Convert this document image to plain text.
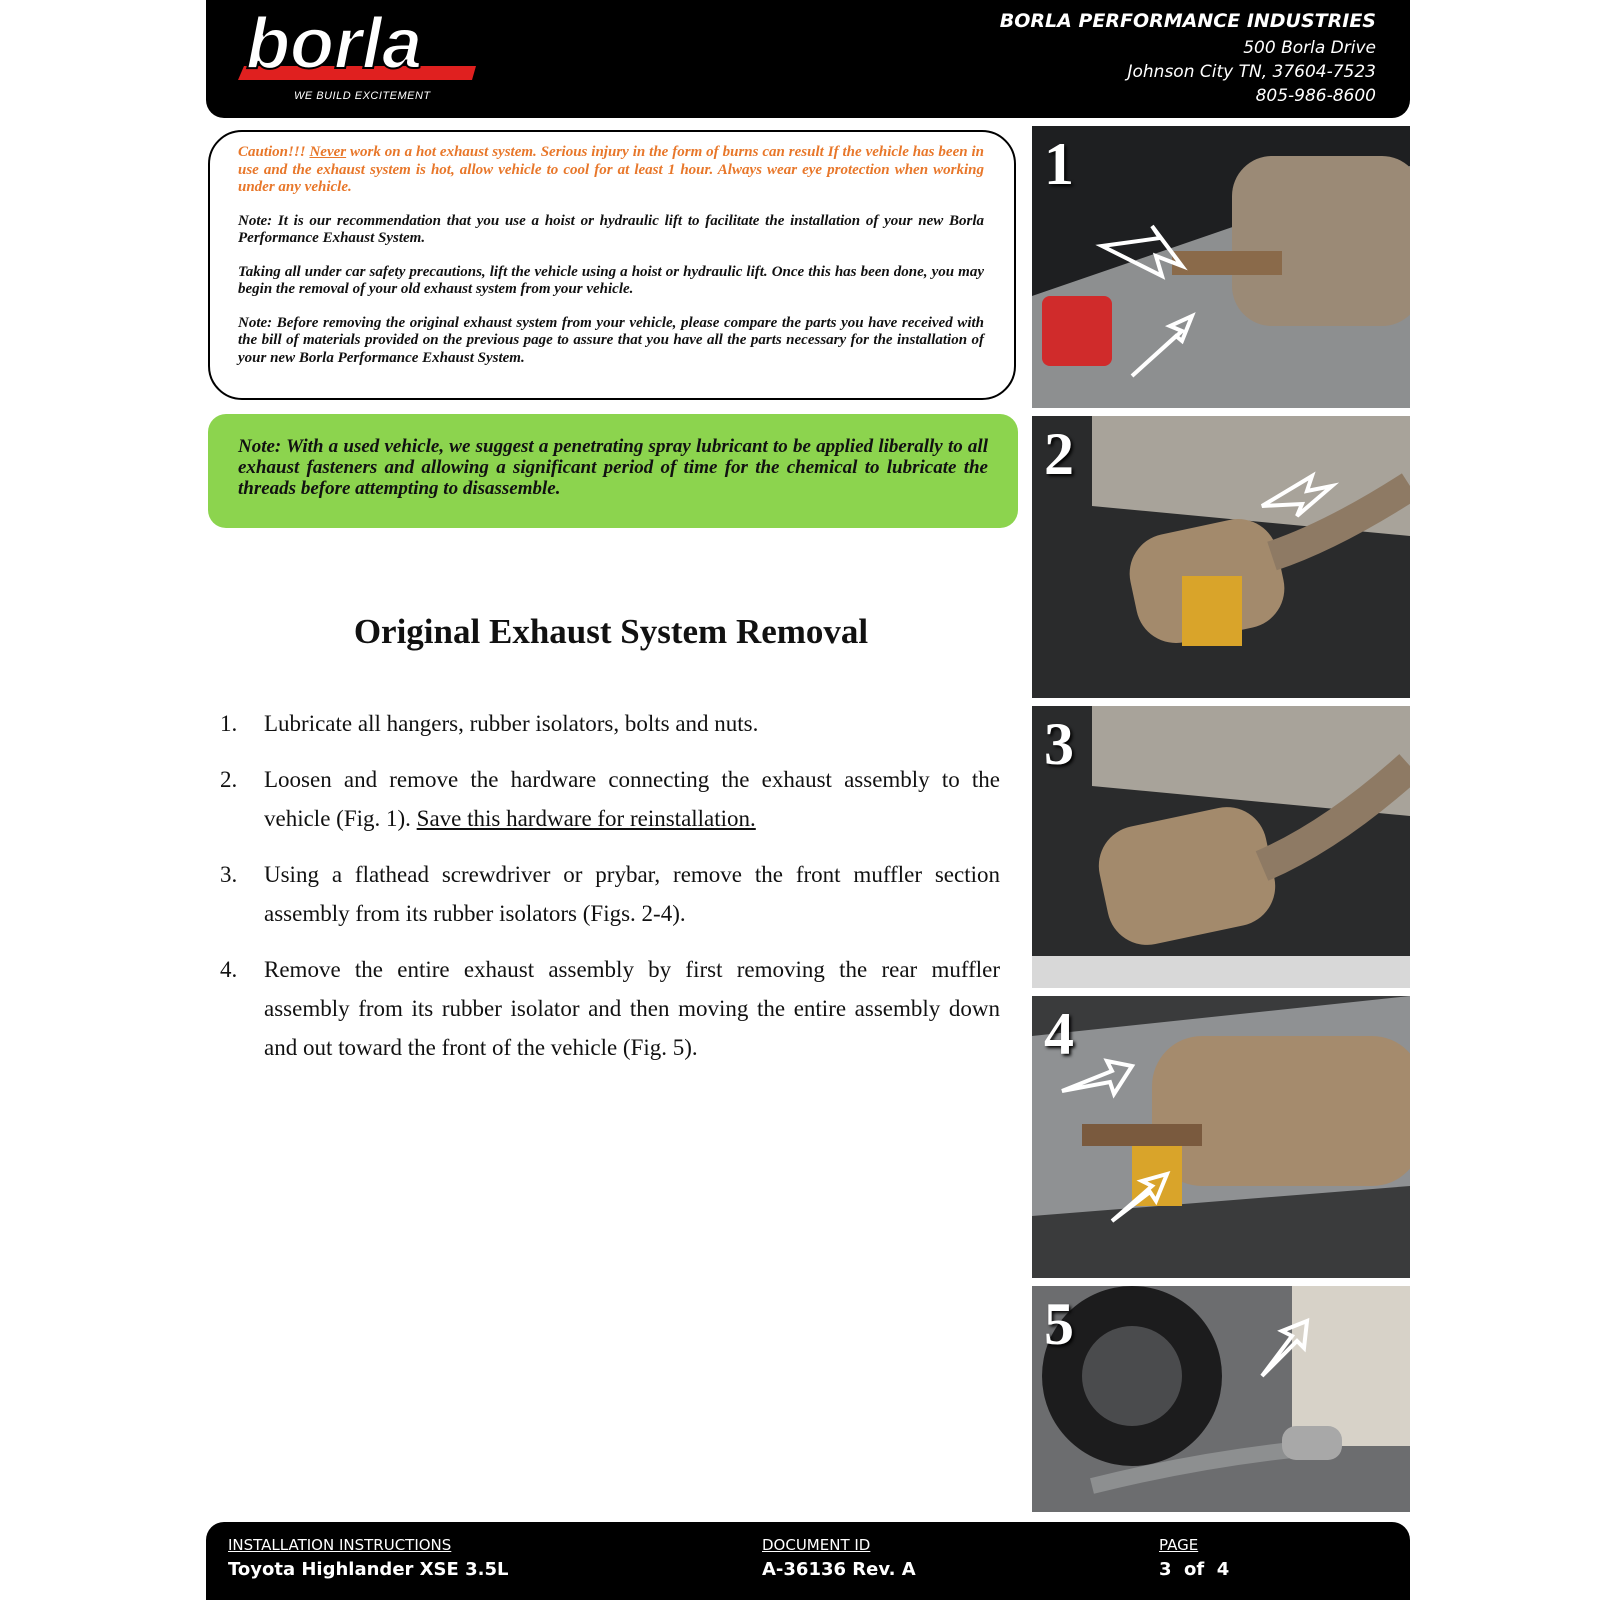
borla
WE BUILD EXCITEMENT
BORLA PERFORMANCE INDUSTRIES
500 Borla Drive
Johnson City TN, 37604-7523
805-986-8600

Caution!!! Never work on a hot exhaust system. Serious injury in the form of burns can result If the vehicle has been in use and the exhaust system is hot, allow vehicle to cool for at least 1 hour. Always wear eye protection when working under any vehicle.

Note: It is our recommendation that you use a hoist or hydraulic lift to facilitate the installation of your new Borla Performance Exhaust System.

Taking all under car safety precautions, lift the vehicle using a hoist or hydraulic lift. Once this has been done, you may begin the removal of your old exhaust system from your vehicle.

Note: Before removing the original exhaust system from your vehicle, please compare the parts you have received with the bill of materials provided on the previous page to assure that you have all the parts necessary for the installation of your new Borla Performance Exhaust System.

Note: With a used vehicle, we suggest a penetrating spray lubricant to be applied liberally to all exhaust fasteners and allowing a significant period of time for the chemical to lubricate the threads before attempting to disassemble.
Original Exhaust System Removal
1. Lubricate all hangers, rubber isolators, bolts and nuts.
2. Loosen and remove the hardware connecting the exhaust assembly to the vehicle (Fig. 1). Save this hardware for reinstallation.
3. Using a flathead screwdriver or prybar, remove the front muffler section assembly from its rubber isolators (Figs. 2-4).
4. Remove the entire exhaust assembly by first removing the rear muffler assembly from its rubber isolator and then moving the entire assembly down and out toward the front of the vehicle (Fig. 5).
1
2
3
4
5
INSTALLATION INSTRUCTIONS
Toyota Highlander XSE 3.5L
DOCUMENT ID
A-36136 Rev. A
PAGE
3  of  4
